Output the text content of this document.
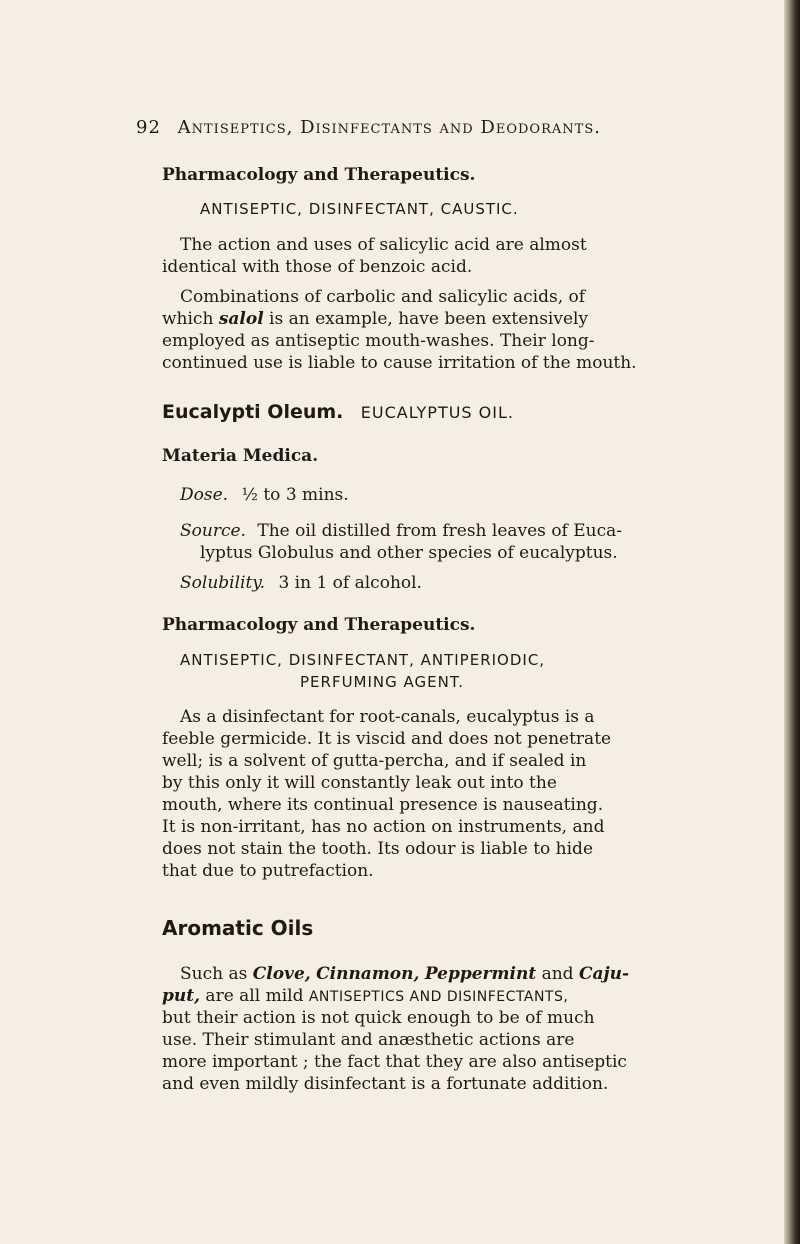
92 Antiseptics, Disinfectants and Deodorants.
Pharmacology and Therapeutics.
ANTISEPTIC, DISINFECTANT, CAUSTIC.
The action and uses of salicylic acid are almost
identical with those of benzoic acid.
Combinations of carbolic and salicylic acids, of
which salol is an example, have been extensively
employed as antiseptic mouth-washes. Their long-
continued use is liable to cause irritation of the mouth.
Eucalypti Oleum. EUCALYPTUS OIL.
Materia Medica.
Dose. ½ to 3 mins.
Source. The oil distilled from fresh leaves of Euca-
lyptus Globulus and other species of eucalyptus.
Solubility. 3 in 1 of alcohol.
Pharmacology and Therapeutics.
ANTISEPTIC, DISINFECTANT, ANTIPERIODIC,
PERFUMING AGENT.
As a disinfectant for root-canals, eucalyptus is a
feeble germicide. It is viscid and does not penetrate
well; is a solvent of gutta-percha, and if sealed in
by this only it will constantly leak out into the
mouth, where its continual presence is nauseating.
It is non-irritant, has no action on instruments, and
does not stain the tooth. Its odour is liable to hide
that due to putrefaction.
Aromatic Oils
Such as Clove, Cinnamon, Peppermint and Caju-
put, are all mild ANTISEPTICS AND DISINFECTANTS,
but their action is not quick enough to be of much
use. Their stimulant and anæsthetic actions are
more important ; the fact that they are also antiseptic
and even mildly disinfectant is a fortunate addition.
